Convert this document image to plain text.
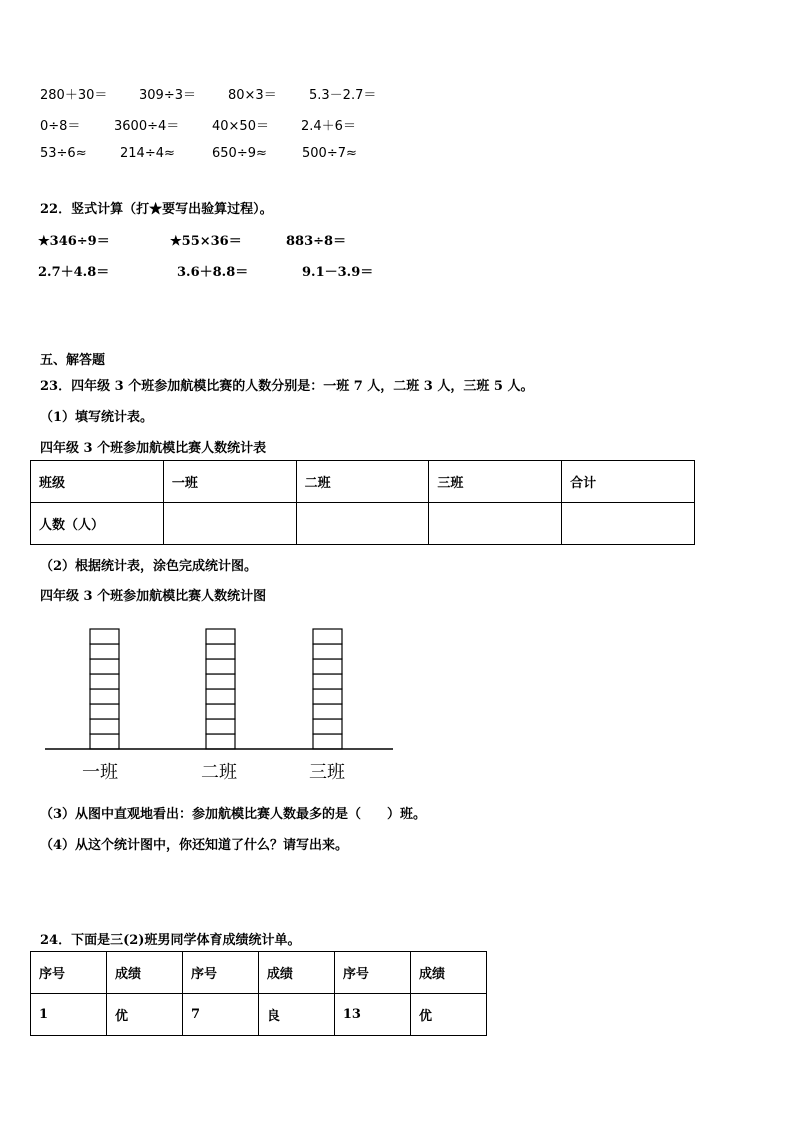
280＋30＝ 309÷3＝ 80×3＝ 5.3－2.7＝
0÷8＝	3600÷4＝	40×50＝ 2.4＋6＝
53÷6≈	214÷4≈	650÷9≈	500÷7≈
22．竖式计算（打★要写出验算过程）。
★346÷9＝	★55×36＝	883÷8＝
2.7＋4.8＝	3.6＋8.8＝	9.1－3.9＝
五、解答题
23．四年级 3 个班参加航模比赛的人数分别是：一班 7 人，二班 3 人，三班 5 人。
（1）填写统计表。
四年级 3 个班参加航模比赛人数统计表
班级	一班	二班	三班	合计
人数（人）				
（2）根据统计表，涂色完成统计图。
四年级 3 个班参加航模比赛人数统计图
一班	二班	三班
（3）从图中直观地看出：参加航模比赛人数最多的是（　　）班。
（4）从这个统计图中，你还知道了什么？请写出来。
24．下面是三(2)班男同学体育成绩统计单。
序号	成绩	序号	成绩	序号	成绩
1	优	7	良	13	优
